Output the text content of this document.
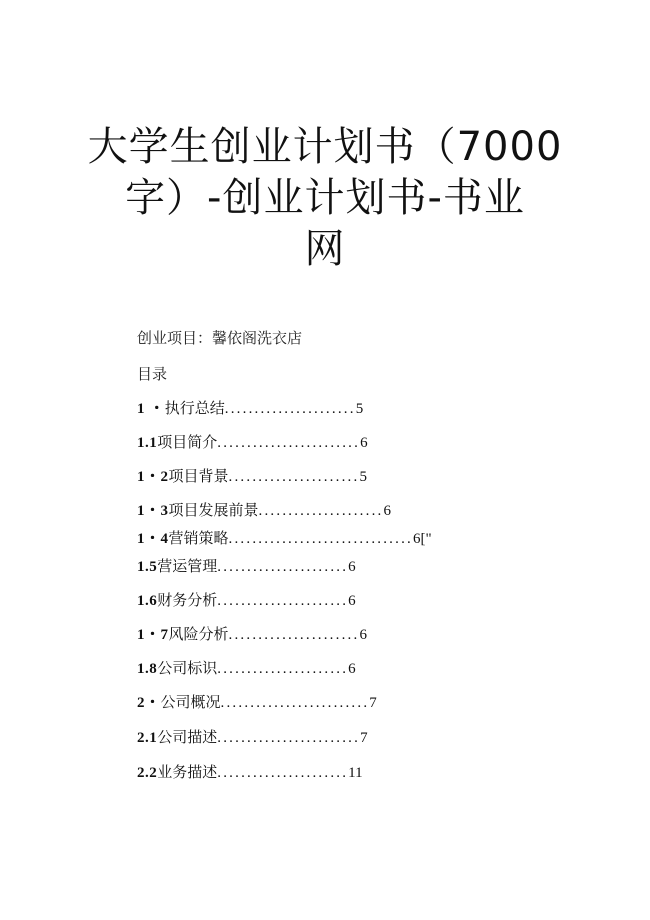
大学生创业计划书（7000
字）-创业计划书-书业
网
创业项目：馨依阁洗衣店
目录
1 ・执行总结......................5
1.1项目简介........................6
1・2项目背景......................5
1・3项目发展前景.....................6
1・4营销策略...............................6["
1.5营运管理......................6
1.6财务分析......................6
1・7风险分析......................6
1.8公司标识......................6
2・公司概况.........................7
2.1公司描述........................7
2.2业务描述......................11
